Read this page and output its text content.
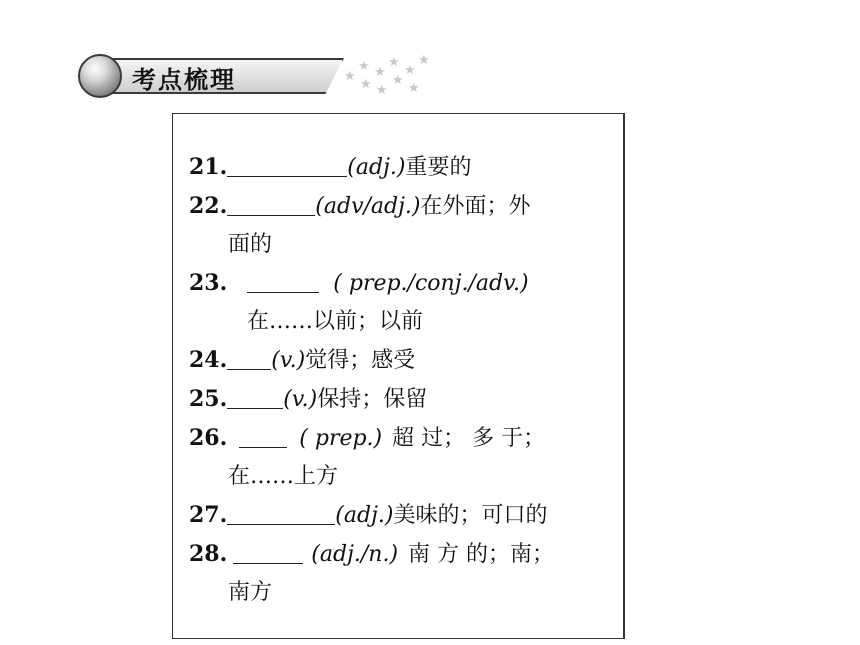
考点梳理	★
★
★
★
★
★
★
★
★
★
21.	(adj.)重要的
22.	(adv/adj.)在外面；外
面的
23.	( prep./conj./adv.)
在……以前；以前
24. (v.)觉得；感受
25.	(v.)保持；保留
26.	( prep.) 超 过； 多 于；
在……上方
27.	(adj.)美味的；可口的
28.	(adj./n.) 南 方 的；南；
南方
